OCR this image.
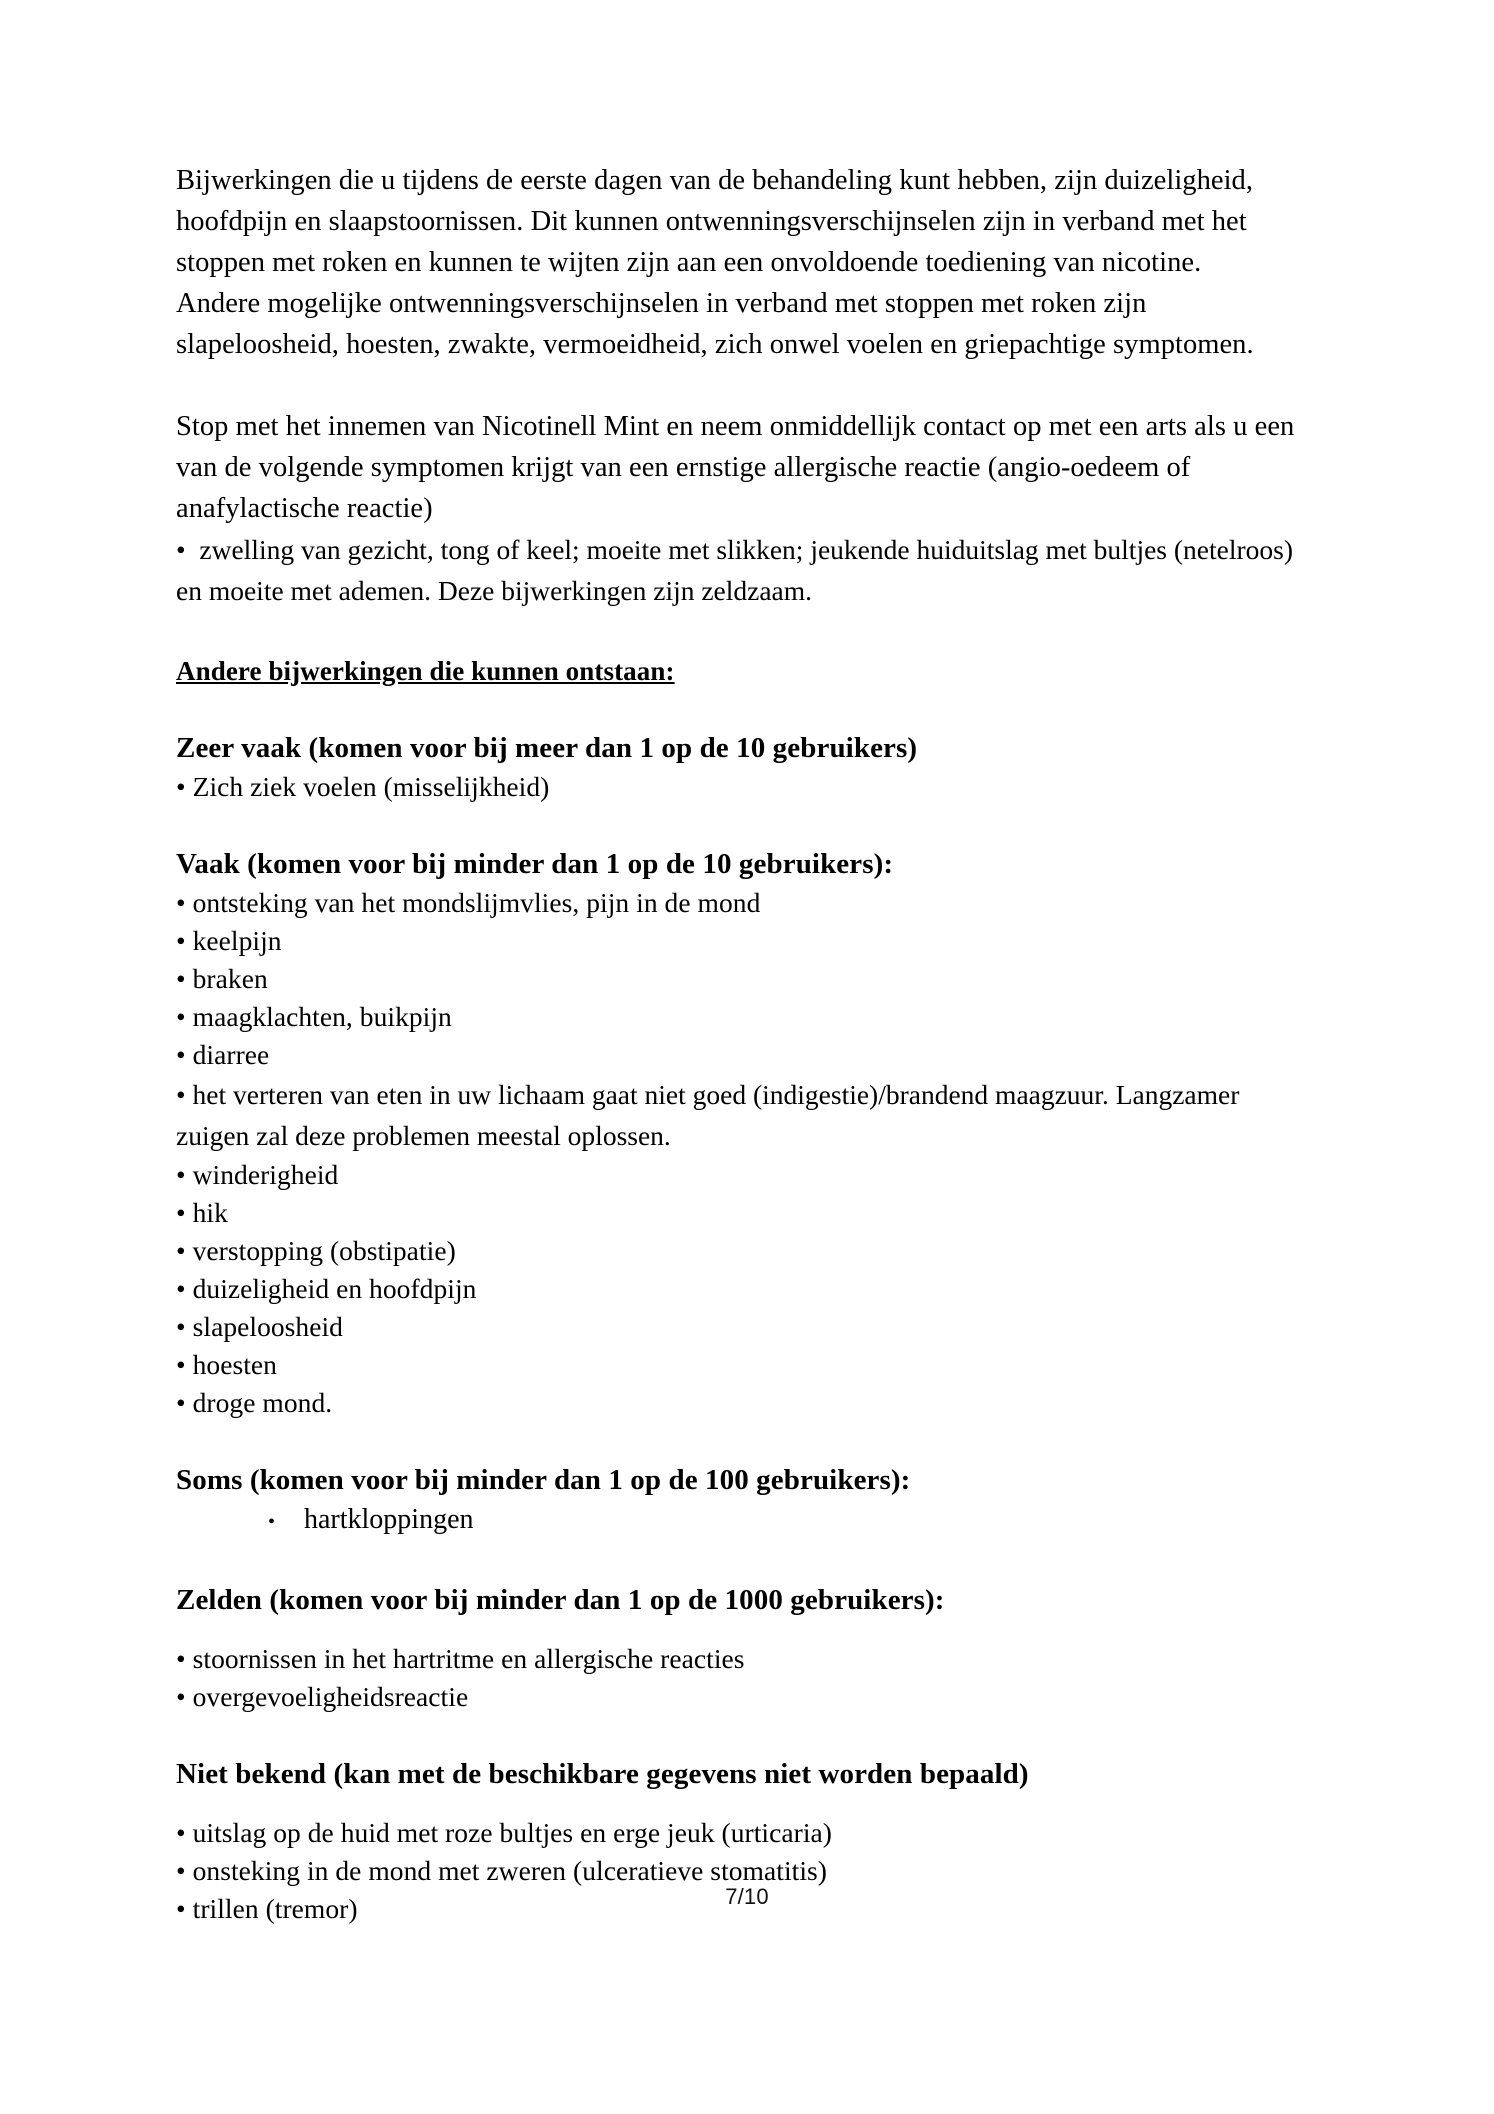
Bijwerkingen die u tijdens de eerste dagen van de behandeling kunt hebben, zijn duizeligheid, hoofdpijn en slaapstoornissen. Dit kunnen ontwenningsverschijnselen zijn in verband met het stoppen met roken en kunnen te wijten zijn aan een onvoldoende toediening van nicotine.

Andere mogelijke ontwenningsverschijnselen in verband met stoppen met roken zijn slapeloosheid, hoesten, zwakte, vermoeidheid, zich onwel voelen en griepachtige symptomen.

Stop met het innemen van Nicotinell Mint en neem onmiddellijk contact op met een arts als u een van de volgende symptomen krijgt van een ernstige allergische reactie (angio-oedeem of anafylactische reactie)

• zwelling van gezicht, tong of keel; moeite met slikken; jeukende huiduitslag met bultjes (netelroos) en moeite met ademen. Deze bijwerkingen zijn zeldzaam.

Andere bijwerkingen die kunnen ontstaan:

Zeer vaak (komen voor bij meer dan 1 op de 10 gebruikers)

• Zich ziek voelen (misselijkheid)

Vaak (komen voor bij minder dan 1 op de 10 gebruikers):

• ontsteking van het mondslijmvlies, pijn in de mond

• keelpijn

• braken

• maagklachten, buikpijn

• diarree

• het verteren van eten in uw lichaam gaat niet goed (indigestie)/brandend maagzuur. Langzamer zuigen zal deze problemen meestal oplossen.

• winderigheid

• hik

• verstopping (obstipatie)

• duizeligheid en hoofdpijn

• slapeloosheid

• hoesten

• droge mond.

Soms (komen voor bij minder dan 1 op de 100 gebruikers):

•	hartkloppingen

Zelden (komen voor bij minder dan 1 op de 1000 gebruikers):

• stoornissen in het hartritme en allergische reacties

• overgevoeligheidsreactie

Niet bekend (kan met de beschikbare gegevens niet worden bepaald)

• uitslag op de huid met roze bultjes en erge jeuk (urticaria)

• onsteking in de mond met zweren (ulceratieve stomatitis)

• trillen (tremor)	7/10
